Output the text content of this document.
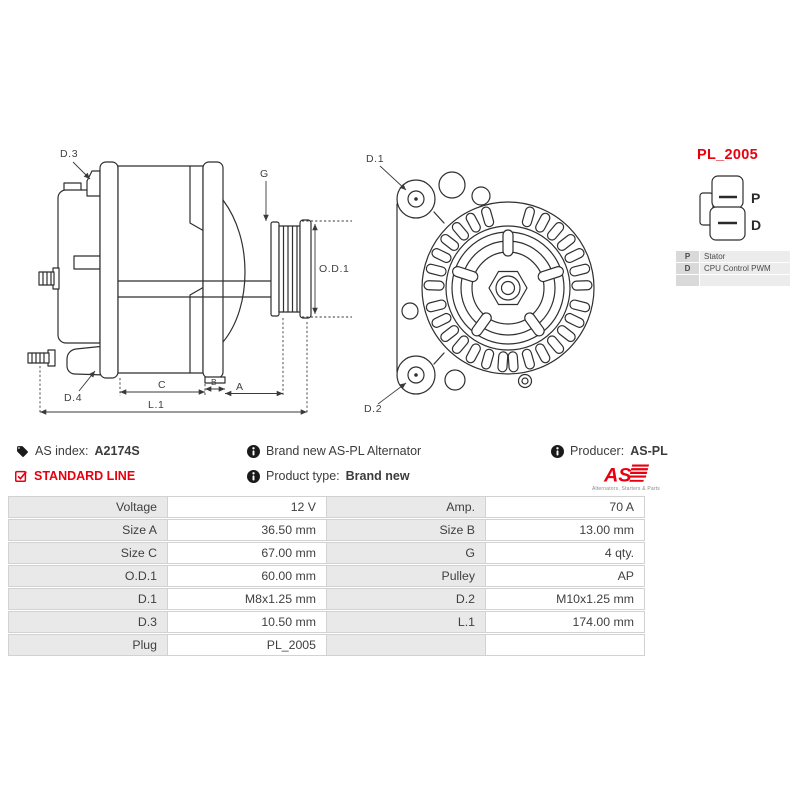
O.D.1
G
D.3
D.4
C	B A
L.1
D.1
D.2
P
D
PL_2005
P	Stator
D	CPU Control PWM
AS index: A2174S	Brand new AS-PL Alternator	Producer: AS-PL
STANDARD LINE	Product type: Brand new	AS
Alternators, Starters & Parts
Voltage	12 V	Amp.	70 A
Size A	36.50 mm	Size B	13.00 mm
Size C	67.00 mm	G	4 qty.
O.D.1	60.00 mm	Pulley	AP
D.1	M8x1.25 mm	D.2	M10x1.25 mm
D.3	10.50 mm	L.1	174.00 mm
Plug	PL_2005
